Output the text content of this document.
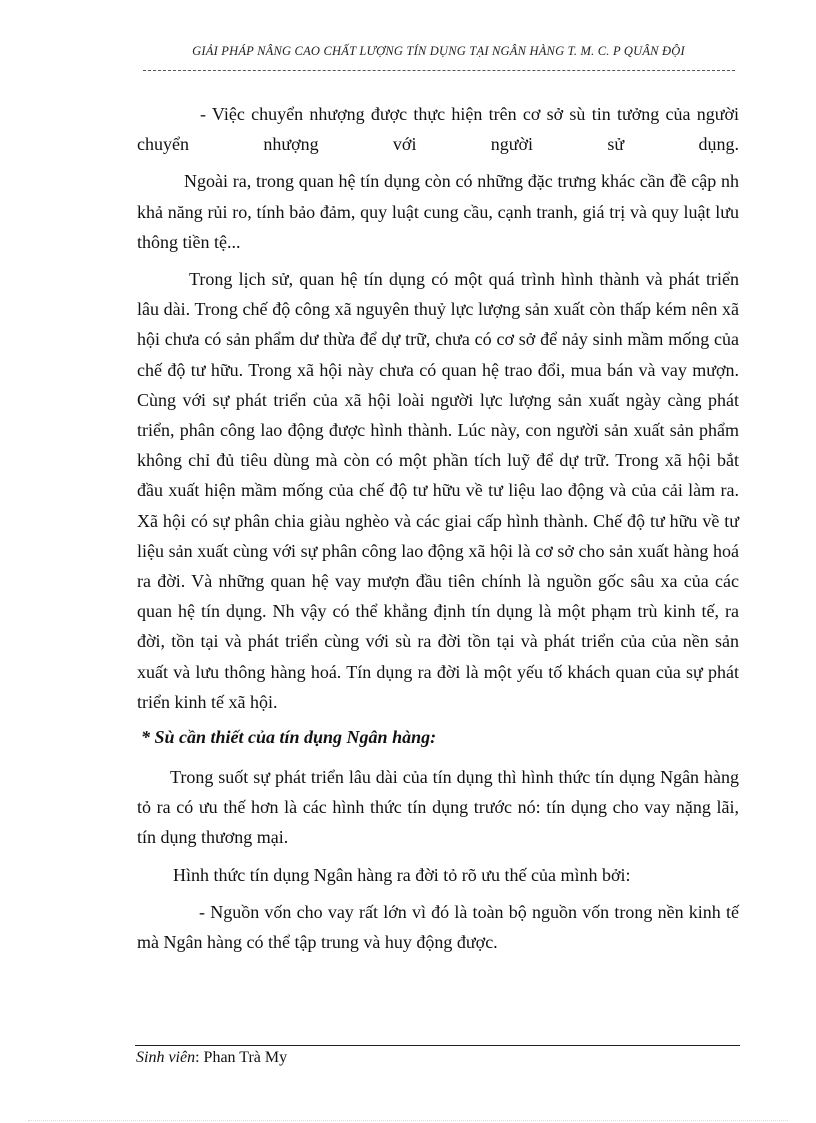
GIẢI PHÁP NÂNG CAO CHẤT LƯỢNG TÍN DỤNG TẠI NGÂN HÀNG T. M. C. P QUÂN ĐỘI

- Việc chuyển nhượng được thực hiện trên cơ sở sù tin tưởng của người chuyển nhượng với người sử dụng.

Ngoài ra, trong quan hệ tín dụng còn có những đặc trưng khác cần đề cập nh khả năng rủi ro, tính bảo đảm, quy luật cung cầu, cạnh tranh, giá trị và quy luật lưu thông tiền tệ...

Trong lịch sử, quan hệ tín dụng có một quá trình hình thành và phát triển lâu dài. Trong chế độ công xã nguyên thuỷ lực lượng sản xuất còn thấp kém nên xã hội chưa có sản phẩm dư thừa để dự trữ, chưa có cơ sở để nảy sinh mầm mống của chế độ tư hữu. Trong xã hội này chưa có quan hệ trao đổi, mua bán và vay mượn. Cùng với sự phát triển của xã hội loài người lực lượng sản xuất ngày càng phát triển, phân công lao động được hình thành. Lúc này, con người sản xuất sản phẩm không chỉ đủ tiêu dùng mà còn có một phần tích luỹ để dự trữ. Trong xã hội bắt đầu xuất hiện mầm mống của chế độ tư hữu về tư liệu lao động và của cải làm ra. Xã hội có sự phân chia giàu nghèo và các giai cấp hình thành. Chế độ tư hữu về tư liệu sản xuất cùng với sự phân công lao động xã hội là cơ sở cho sản xuất hàng hoá ra đời. Và những quan hệ vay mượn đầu tiên chính là nguồn gốc sâu xa của các quan hệ tín dụng. Nh vậy có thể khẳng định tín dụng là một phạm trù kinh tế, ra đời, tồn tại và phát triển cùng với sù ra đời tồn tại và phát triển của của nền sản xuất và lưu thông hàng hoá. Tín dụng ra đời là một yếu tố khách quan của sự phát triển kinh tế xã hội.

* Sù cần thiết của tín dụng Ngân hàng:

Trong suốt sự phát triển lâu dài của tín dụng thì hình thức tín dụng Ngân hàng tỏ ra có ưu thế hơn là các hình thức tín dụng trước nó: tín dụng cho vay nặng lãi, tín dụng thương mại.

Hình thức tín dụng Ngân hàng ra đời tỏ rõ ưu thế của mình bởi:

- Nguồn vốn cho vay rất lớn vì đó là toàn bộ nguồn vốn trong nền kinh tế mà Ngân hàng có thể tập trung và huy động được.

Sinh viên: Phan Trà My
